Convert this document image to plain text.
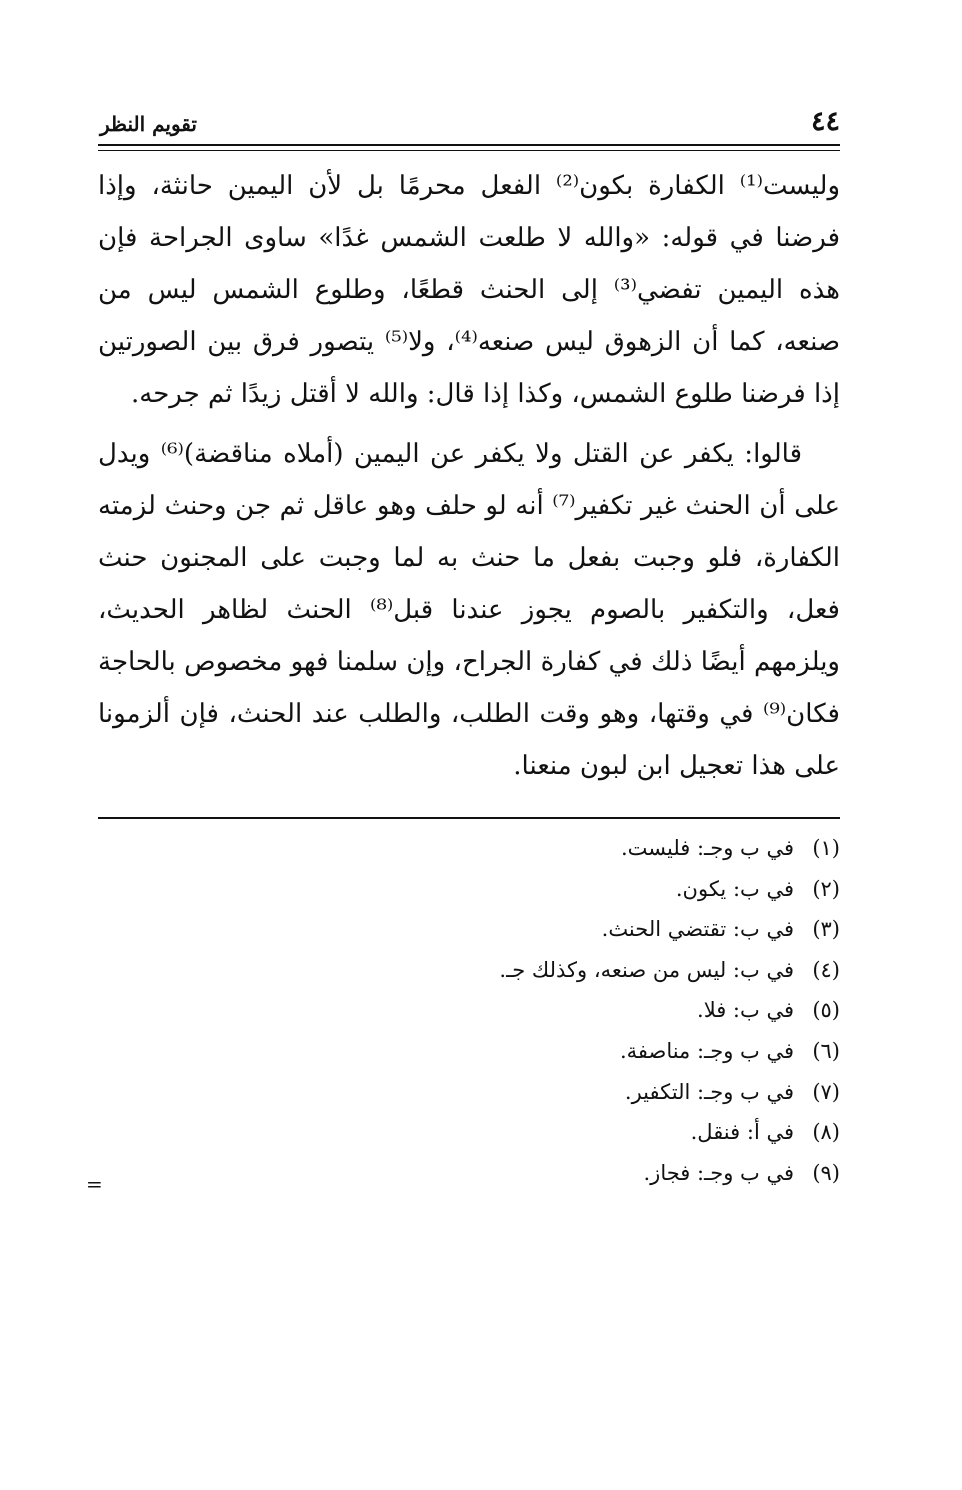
٤٤
تقويم النظر

وليست⁽¹⁾ الكفارة بكون⁽²⁾ الفعل محرمًا بل لأن اليمين حانثة، وإذا فرضنا في قوله: «والله لا طلعت الشمس غدًا» ساوى الجراحة فإن هذه اليمين تفضي⁽³⁾ إلى الحنث قطعًا، وطلوع الشمس ليس من صنعه، كما أن الزهوق ليس صنعه⁽⁴⁾، ولا⁽⁵⁾ يتصور فرق بين الصورتين إذا فرضنا طلوع الشمس، وكذا إذا قال: والله لا أقتل زيدًا ثم جرحه.

قالوا: يكفر عن القتل ولا يكفر عن اليمين (أملاه مناقضة)⁽⁶⁾ ويدل على أن الحنث غير تكفير⁽⁷⁾ أنه لو حلف وهو عاقل ثم جن وحنث لزمته الكفارة، فلو وجبت بفعل ما حنث به لما وجبت على المجنون حنث فعل، والتكفير بالصوم يجوز عندنا قبل⁽⁸⁾ الحنث لظاهر الحديث، ويلزمهم أيضًا ذلك في كفارة الجراح، وإن سلمنا فهو مخصوص بالحاجة فكان⁽⁹⁾ في وقتها، وهو وقت الطلب، والطلب عند الحنث، فإن ألزمونا على هذا تعجيل ابن لبون منعنا.

(١)
في ب وجـ: فليست.
(٢)
في ب: يكون.
(٣)
في ب: تقتضي الحنث.
(٤)
في ب: ليس من صنعه، وكذلك جـ.
(٥)
في ب: فلا.
(٦)
في ب وجـ: مناصفة.
(٧)
في ب وجـ: التكفير.
(٨)
في أ: فنقل.
(٩)
في ب وجـ: فجاز.
=
